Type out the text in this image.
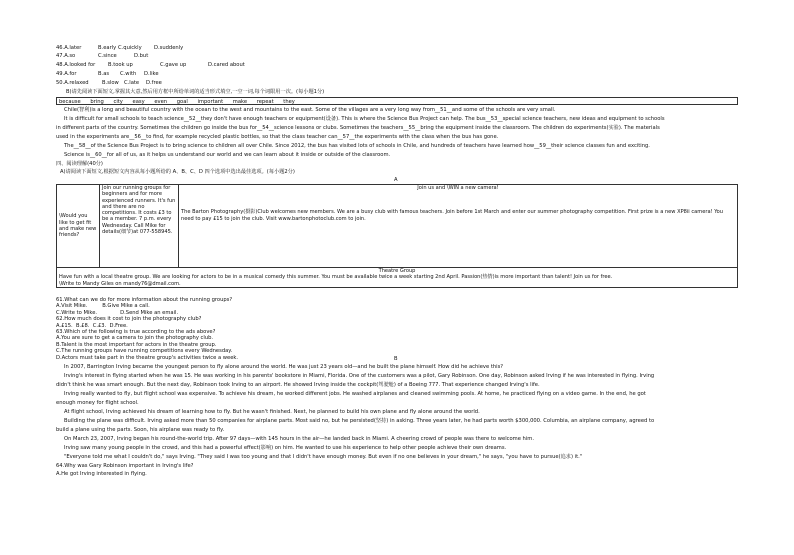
46.A.later	B.early C.quickly D.suddenly
47.A.so	C.since	D.but
48.A.looked for B.took up	C.gave up	D.cared about
49.A.for	B.as C.with D.like
50.A.relaxed	B.slow C.late D.free
B)请先阅读下面短文,掌握其大意,然后用方框中所给单词的适当形式填空,一空一词,每个词限用一次。(每小题1分)
because bring city easy even goal important make repeat they
Chile(智利)is a long and beautiful country with the ocean to the west and mountains to the east. Some of the villages are a very long way from__51__and some of the schools are very small.
It is difficult for small schools to teach science__52__they don't have enough teachers or equipment(设备). This is where the Science Bus Project can help. The bus__53__special science teachers, new ideas and equipment to schools
in different parts of the country. Sometimes the children go inside the bus for__54__science lessons or clubs. Sometimes the teachers__55__bring the equipment inside the classroom. The children do experiments(实验). The materials
used in the experiments are__56__to find, for example recycled plastic bottles, so that the class teacher can__57__the experiments with the class when the bus has gone.
The__58__of the Science Bus Project is to bring science to children all over Chile. Since 2012, the bus has visited lots of schools in Chile, and hundreds of teachers have learned how__59__their science classes fun and exciting.
Science is__60__for all of us, as it helps us understand our world and we can learn about it inside or outside of the classroom.
四、阅读理解(40分)
A)请阅读下面短文,根据短文内容从每小题所给的 A、B、C、D 四个选项中选出最佳选项。(每小题2分)
A
\Would you like to get fit and make new friends?	Join our running groups for beginners and for more experienced runners. It's fun and there are no competitions. It costs £3 to be a member. 7 p.m. every Wednesday. Call Mike for details(细节)at 077-558945.	
Join us and \WIN a new camera!
The Barton Photography(摄影)Club welcomes new members. We are a busy club with famous teachers. Join before 1st March and enter our summer photography competition. First prize is a new XP8ii camera! You need to pay £15 to join the club. Visit www.bartonphotoclub.com to join.

Theatre Group
Have fun with a local theatre group. We are looking for actors to be in a musical comedy this summer. You must be available twice a week starting 2nd April. Passion(热情)is more important than talent! Join us for free.
\Write to Mandy Giles on mandy76@dmail.com.
61.What can we do for more information about the running groups?
A.Visit Mike.         B.Give Mike a call.
C.Write to Mike.              D.Send Mike an email.
62.How much does it cost to join the photography club?
A.£15.  B.£8.  C.£3.  D.Free.
63.Which of the following is true according to the ads above?
A.You are sure to get a camera to join the photography club.
B.Talent is the most important for actors in the theatre group.
C.The running groups have running competitions every Wednesday.
D.Actors must take part in the theatre group's activities twice a week.	B
In 2007, Barrington Irving became the youngest person to fly alone around the world. He was just 23 years old—and he built the plane himself. How did he achieve this?
Irving's interest in flying started when he was 15. He was working in his parents' bookstore in Miami, Florida. One of the customers was a pilot, Gary Robinson. One day, Robinson asked Irving if he was interested in flying. Irving
didn't think he was smart enough. But the next day, Robinson took Irving to an airport. He showed Irving inside the cockpit(驾驶舱) of a Boeing 777. That experience changed Irving's life.
Irving really wanted to fly, but flight school was expensive. To achieve his dream, he worked different jobs. He washed airplanes and cleaned swimming pools. At home, he practiced flying on a video game. In the end, he got
enough money for flight school.
At flight school, Irving achieved his dream of learning how to fly. But he wasn't finished. Next, he planned to build his own plane and fly alone around the world.
Building the plane was difficult. Irving asked more than 50 companies for airplane parts. Most said no, but he persisted(坚持) in asking. Three years later, he had parts worth $300,000. Columbia, an airplane company, agreed to
build a plane using the parts. Soon, his airplane was ready to fly.
On March 23, 2007, Irving began his round-the-world trip. After 97 days—with 145 hours in the air—he landed back in Miami. A cheering crowd of people was there to welcome him.
Irving saw many young people in the crowd, and this had a powerful effect(影响) on him. He wanted to use his experience to help other people achieve their own dreams.
"Everyone told me what I couldn't do," says Irving. "They said I was too young and that I didn't have enough money. But even if no one believes in your dream," he says, "you have to pursue(追求) it."
64.Why was Gary Robinson important in Irving's life?
A.He got Irving interested in flying.
